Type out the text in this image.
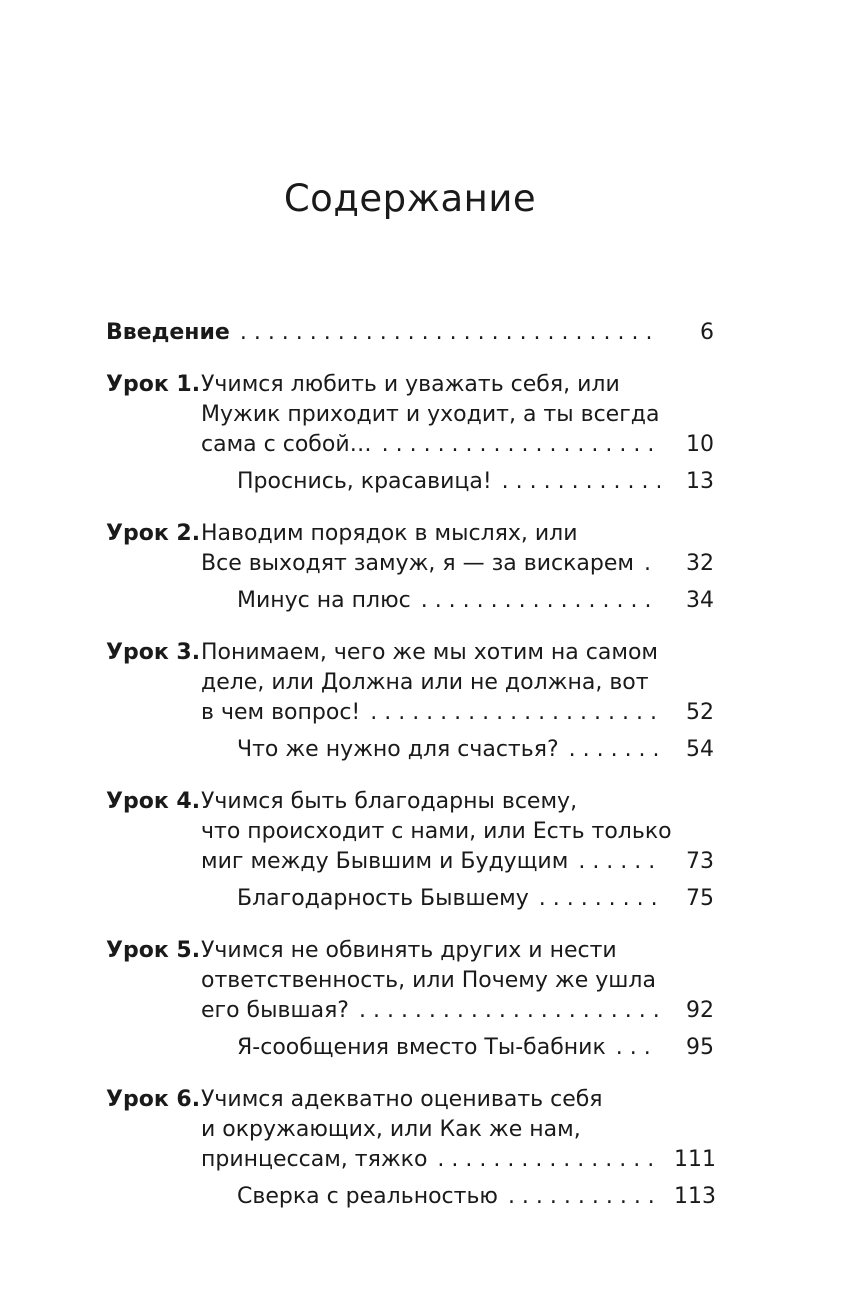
Содержание
Введение . . .	6
Урок 1. Учимся любить и уважать себя, или
Мужик приходит и уходит, а ты всегда
сама с собой… . . .	10
Проснись, красавица! . . .	13
Урок 2. Наводим порядок в мыслях, или
Все выходят замуж, я — за вискарем . . .	32
Минус на плюс . . .	34
Урок 3. Понимаем, чего же мы хотим на самом
деле, или Должна или не должна, вот
в чем вопрос! . . .	52
Что же нужно для счастья? . . .	54
Урок 4. Учимся быть благодарны всему,
что происходит с нами, или Есть только
миг между Бывшим и Будущим . . .	73
Благодарность Бывшему . . .	75
Урок 5. Учимся не обвинять других и нести
ответственность, или Почему же ушла
его бывшая? . . .	92
Я-сообщения вместо Ты-бабник . . .	95
Урок 6. Учимся адекватно оценивать себя
и окружающих, или Как же нам,
принцессам, тяжко . . .	111
Сверка с реальностью . . .	113
